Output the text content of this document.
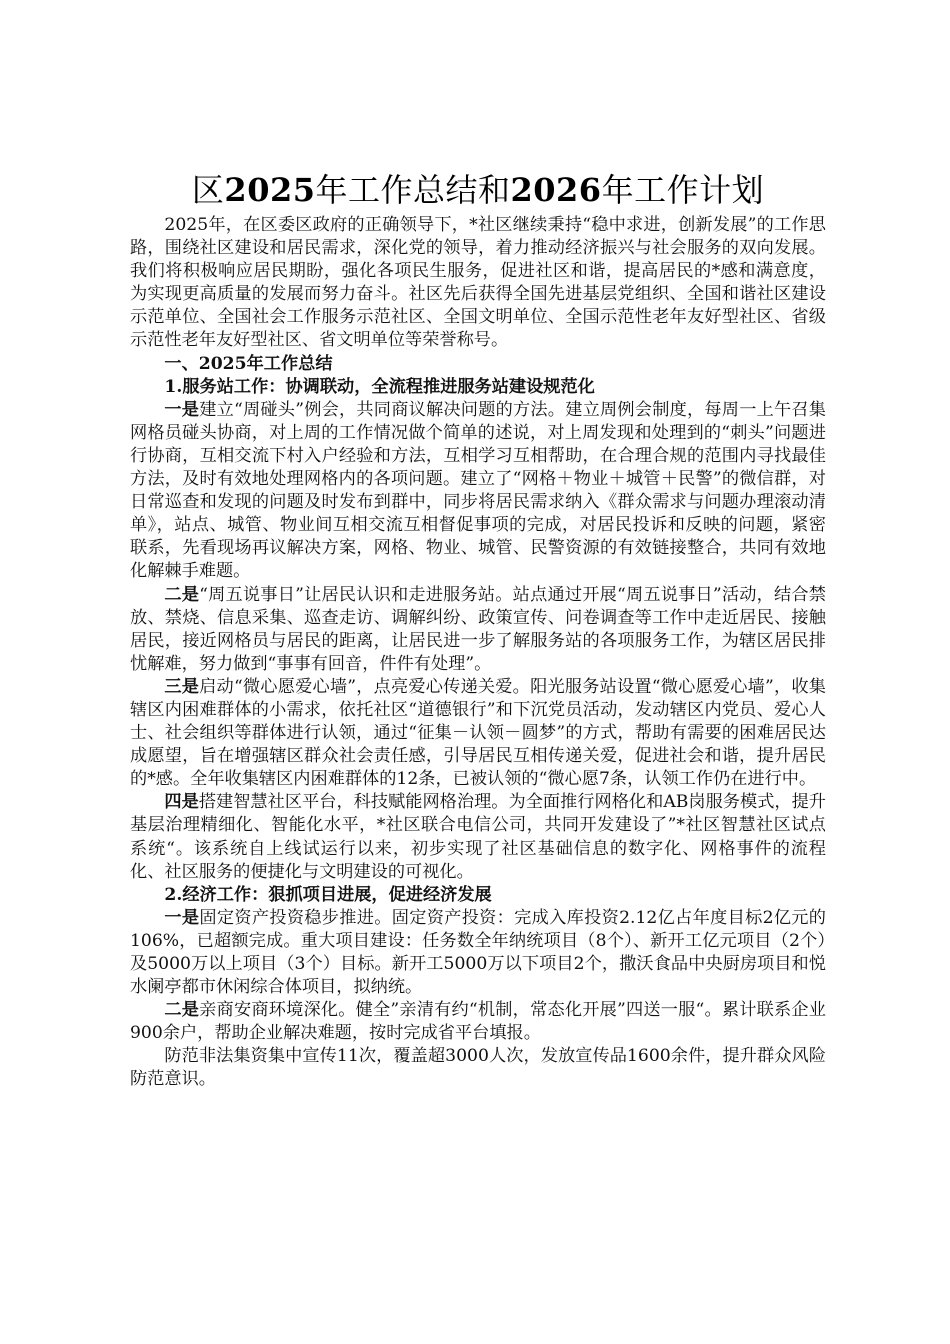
区2025年工作总结和2026年工作计划

2025年，在区委区政府的正确领导下，*社区继续秉持“稳中求进，创新发展”的工作思路，围绕社区建设和居民需求，深化党的领导，着力推动经济振兴与社会服务的双向发展。我们将积极响应居民期盼，强化各项民生服务，促进社区和谐，提高居民的*感和满意度，为实现更高质量的发展而努力奋斗。社区先后获得全国先进基层党组织、全国和谐社区建设示范单位、全国社会工作服务示范社区、全国文明单位、全国示范性老年友好型社区、省级示范性老年友好型社区、省文明单位等荣誉称号。

一、2025年工作总结
1.服务站工作：协调联动，全流程推进服务站建设规范化

一是建立“周碰头”例会，共同商议解决问题的方法。建立周例会制度，每周一上午召集网格员碰头协商，对上周的工作情况做个简单的述说，对上周发现和处理到的“刺头”问题进行协商，互相交流下村入户经验和方法，互相学习互相帮助，在合理合规的范围内寻找最佳方法，及时有效地处理网格内的各项问题。建立了“网格＋物业＋城管＋民警”的微信群，对日常巡查和发现的问题及时发布到群中，同步将居民需求纳入《群众需求与问题办理滚动清单》，站点、城管、物业间互相交流互相督促事项的完成，对居民投诉和反映的问题，紧密联系，先看现场再议解决方案，网格、物业、城管、民警资源的有效链接整合，共同有效地化解棘手难题。

二是“周五说事日”让居民认识和走进服务站。站点通过开展“周五说事日”活动，结合禁放、禁烧、信息采集、巡查走访、调解纠纷、政策宣传、问卷调查等工作中走近居民、接触居民，接近网格员与居民的距离，让居民进一步了解服务站的各项服务工作，为辖区居民排忧解难，努力做到“事事有回音，件件有处理”。

三是启动“微心愿爱心墙”，点亮爱心传递关爱。阳光服务站设置“微心愿爱心墙”，收集辖区内困难群体的小需求，依托社区“道德银行”和下沉党员活动，发动辖区内党员、爱心人士、社会组织等群体进行认领，通过“征集－认领－圆梦”的方式，帮助有需要的困难居民达成愿望，旨在增强辖区群众社会责任感，引导居民互相传递关爱，促进社会和谐，提升居民的*感。全年收集辖区内困难群体的12条，已被认领的“微心愿7条，认领工作仍在进行中。

四是搭建智慧社区平台，科技赋能网格治理。为全面推行网格化和AB岗服务模式，提升基层治理精细化、智能化水平，*社区联合电信公司，共同开发建设了”*社区智慧社区试点系统“。该系统自上线试运行以来，初步实现了社区基础信息的数字化、网格事件的流程化、社区服务的便捷化与文明建设的可视化。

2.经济工作：狠抓项目进展，促进经济发展

一是固定资产投资稳步推进。固定资产投资：完成入库投资2.12亿占年度目标2亿元的106%，已超额完成。重大项目建设：任务数全年纳统项目（8个）、新开工亿元项目（2个）及5000万以上项目（3个）目标。新开工5000万以下项目2个，撒沃食品中央厨房项目和悦水阑亭都市休闲综合体项目，拟纳统。

二是亲商安商环境深化。健全”亲清有约“机制，常态化开展”四送一服“。累计联系企业900余户，帮助企业解决难题，按时完成省平台填报。

防范非法集资集中宣传11次，覆盖超3000人次，发放宣传品1600余件，提升群众风险防范意识。
